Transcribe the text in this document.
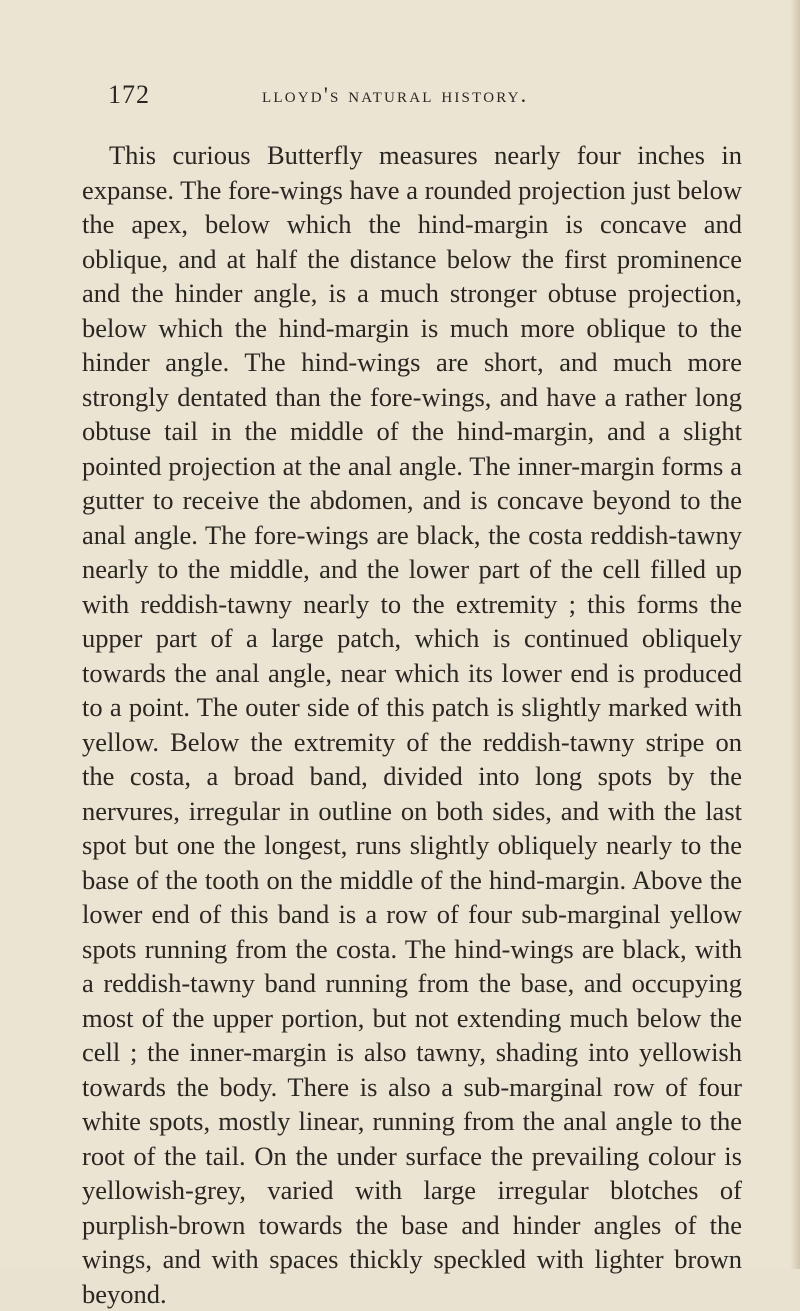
172	lloyd's natural history.

This curious Butterfly measures nearly four inches in expanse. The fore-wings have a rounded projection just below the apex, below which the hind-margin is concave and oblique, and at half the distance below the first prominence and the hinder angle, is a much stronger obtuse projection, below which the hind-margin is much more oblique to the hinder angle. The hind-wings are short, and much more strongly dentated than the fore-wings, and have a rather long obtuse tail in the middle of the hind-margin, and a slight pointed projection at the anal angle. The inner-margin forms a gutter to receive the abdomen, and is concave beyond to the anal angle. The fore-wings are black, the costa reddish-tawny nearly to the middle, and the lower part of the cell filled up with reddish-tawny nearly to the extremity ; this forms the upper part of a large patch, which is continued obliquely towards the anal angle, near which its lower end is produced to a point. The outer side of this patch is slightly marked with yellow. Below the extremity of the reddish-tawny stripe on the costa, a broad band, divided into long spots by the nervures, irregular in outline on both sides, and with the last spot but one the longest, runs slightly obliquely nearly to the base of the tooth on the middle of the hind-margin. Above the lower end of this band is a row of four sub-marginal yellow spots running from the costa. The hind-wings are black, with a reddish-tawny band running from the base, and occupying most of the upper portion, but not extending much below the cell ; the inner-margin is also tawny, shading into yellowish towards the body. There is also a sub-marginal row of four white spots, mostly linear, running from the anal angle to the root of the tail. On the under surface the prevailing colour is yellowish-grey, varied with large irregular blotches of purplish-brown towards the base and hinder angles of the wings, and with spaces thickly speckled with lighter brown beyond.
